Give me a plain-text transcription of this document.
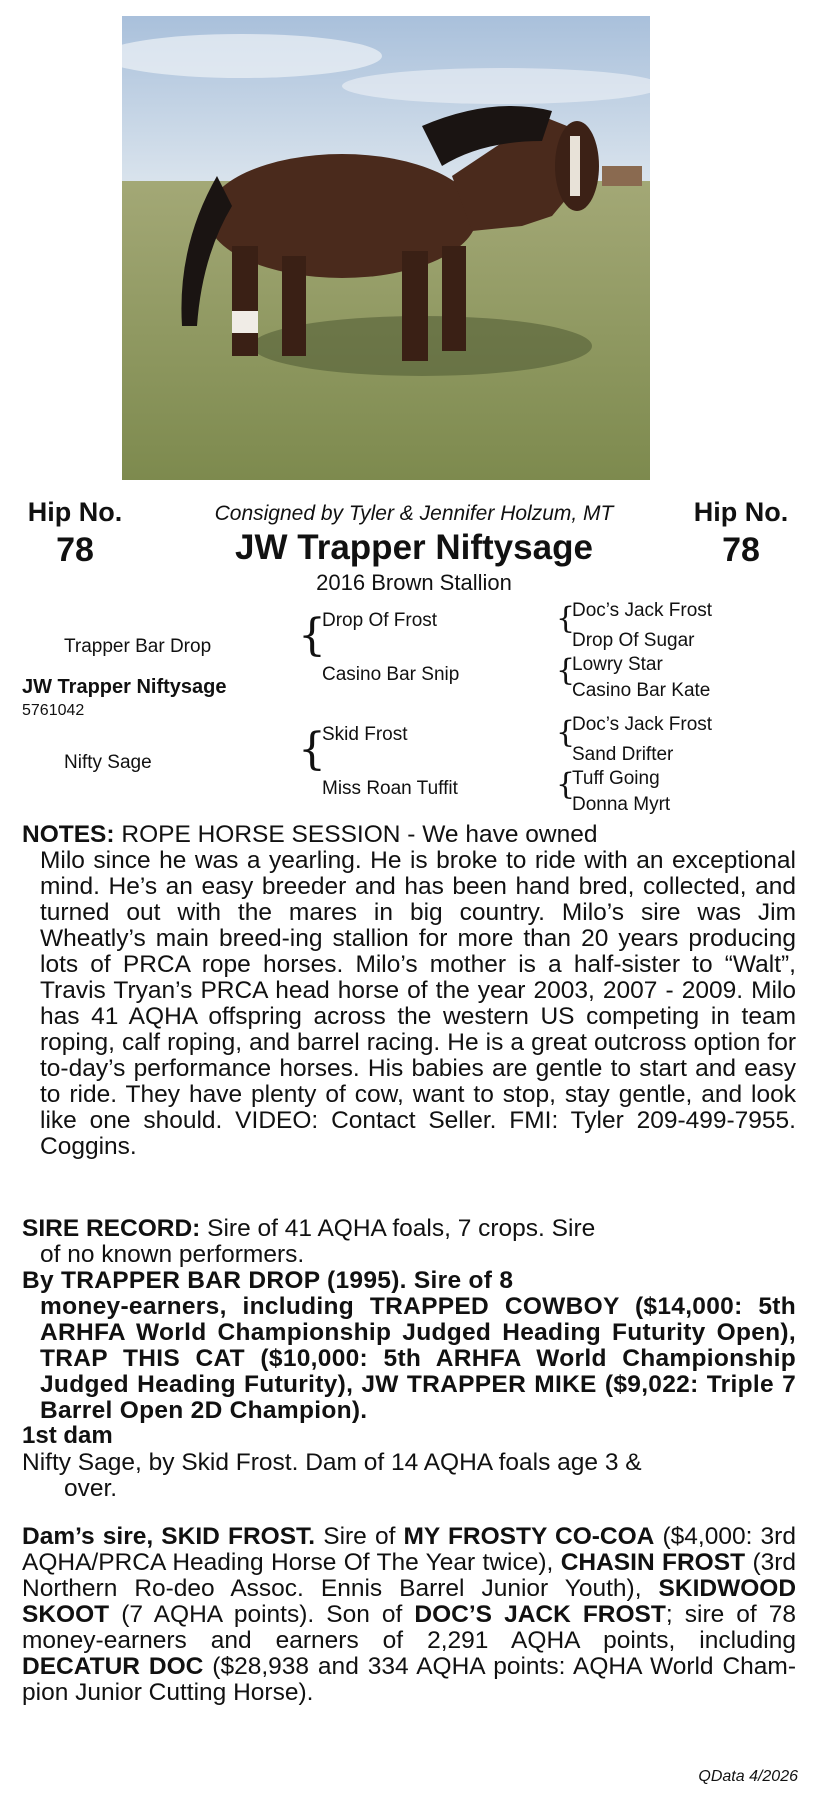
Hip No.
78
Hip No.
78
Consigned by Tyler & Jennifer Holzum, MT
JW Trapper Niftysage
2016 Brown Stallion
Trapper Bar Drop
JW Trapper Niftysage
5761042
Nifty Sage
{
Drop Of Frost
Casino Bar Snip
{
Skid Frost
Miss Roan Tuffit
{
Doc’s Jack Frost
Drop Of Sugar
{
Lowry Star
Casino Bar Kate
{
Doc’s Jack Frost
Sand Drifter
{
Tuff Going
Donna Myrt
NOTES: ROPE HORSE SESSION - We have owned
Milo since he was a yearling. He is broke to ride with an exceptional mind. He’s an easy breeder and has been hand bred, collected, and turned out with the mares in big country. Milo’s sire was Jim Wheatly’s main breed-ing stallion for more than 20 years producing lots of PRCA rope horses. Milo’s mother is a half-sister to “Walt”, Travis Tryan’s PRCA head horse of the year 2003, 2007 - 2009. Milo has 41 AQHA offspring across the western US competing in team roping, calf roping, and barrel racing. He is a great outcross option for to-day’s performance horses. His babies are gentle to start and easy to ride. They have plenty of cow, want to stop, stay gentle, and look like one should. VIDEO: Contact Seller. FMI: Tyler 209-499-7955. Coggins.
SIRE RECORD: Sire of 41 AQHA foals, 7 crops. Sire
of no known performers.
By TRAPPER BAR DROP (1995). Sire of 8
money-earners, including TRAPPED COWBOY ($14,000: 5th ARHFA World Championship Judged Heading Futurity Open), TRAP THIS CAT ($10,000: 5th ARHFA World Championship Judged Heading Futurity), JW TRAPPER MIKE ($9,022: Triple 7 Barrel Open 2D Champion).
1st dam
Nifty Sage, by Skid Frost. Dam of 14 AQHA foals age 3 &
over.
Dam’s sire, SKID FROST. Sire of MY FROSTY CO-COA ($4,000: 3rd AQHA/PRCA Heading Horse Of The Year twice), CHASIN FROST (3rd Northern Ro-deo Assoc. Ennis Barrel Junior Youth), SKIDWOOD SKOOT (7 AQHA points). Son of DOC’S JACK FROST; sire of 78 money-earners and earners of 2,291 AQHA points, including DECATUR DOC ($28,938 and 334 AQHA points: AQHA World Cham-pion Junior Cutting Horse).
QData 4/2026
